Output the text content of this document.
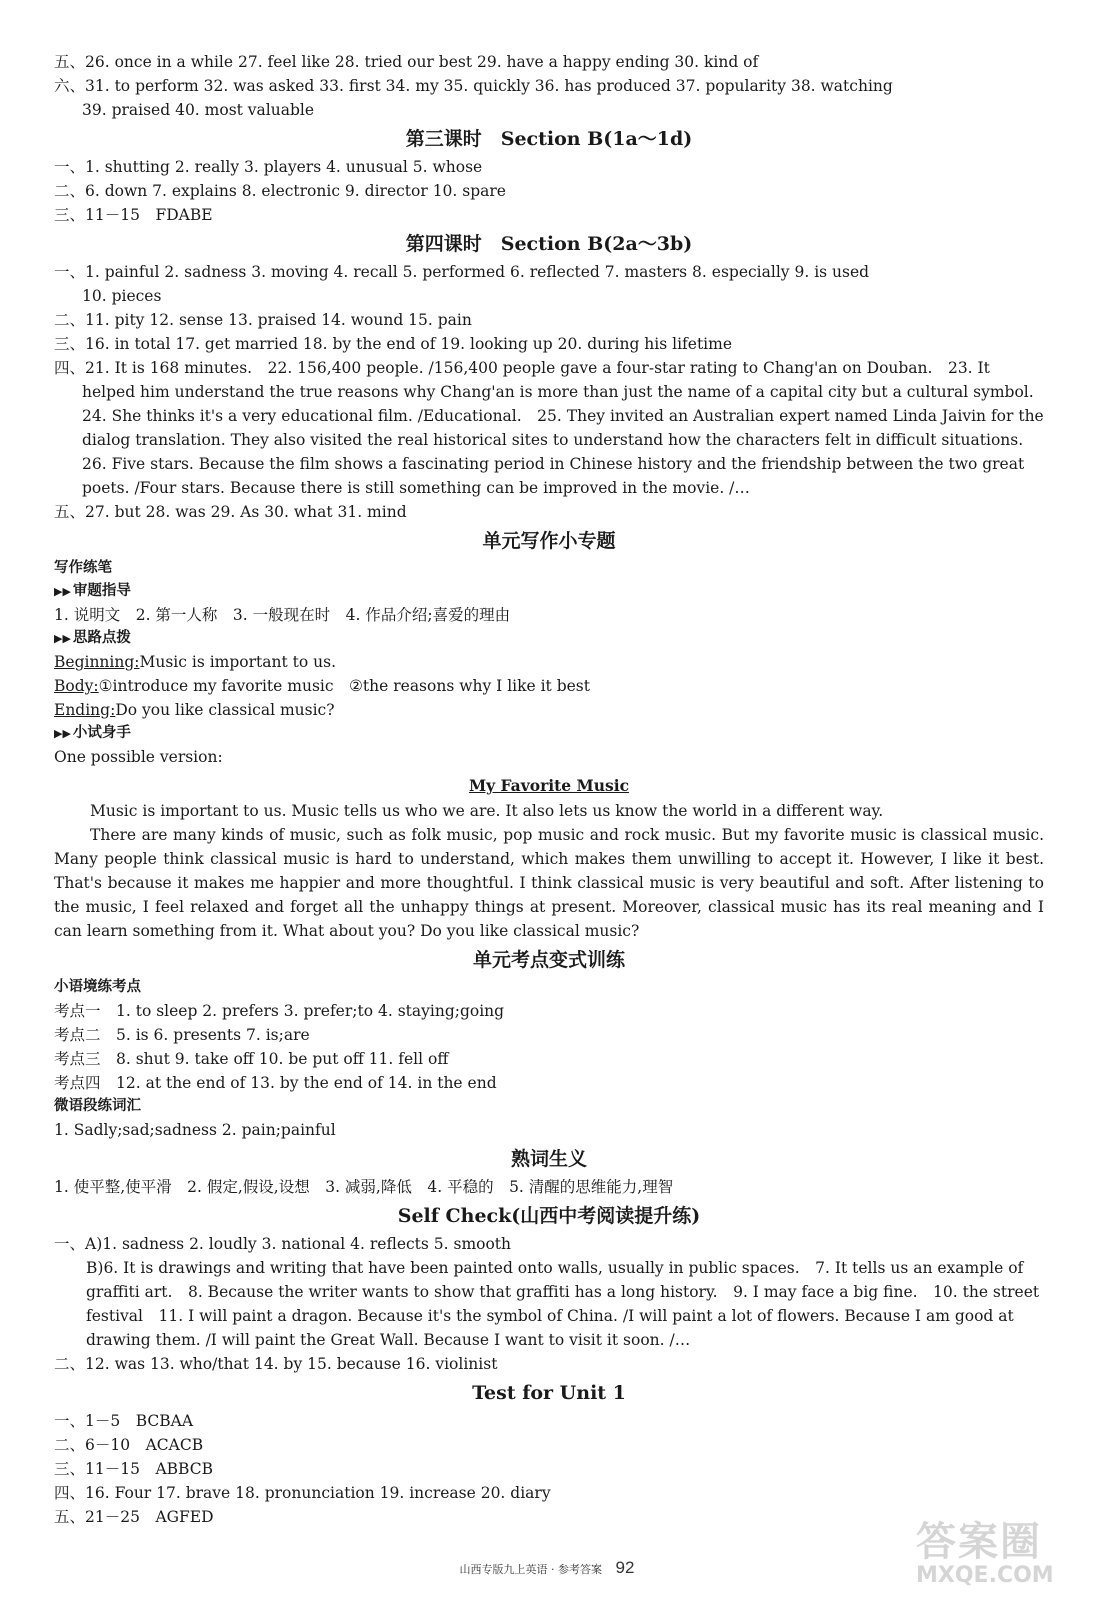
五、26. once in a while 27. feel like 28. tried our best 29. have a happy ending 30. kind of
六、31. to perform 32. was asked 33. first 34. my 35. quickly 36. has produced 37. popularity 38. watching
39. praised 40. most valuable
第三课时　Section B(1a～1d)
一、1. shutting 2. really 3. players 4. unusual 5. whose
二、6. down 7. explains 8. electronic 9. director 10. spare
三、11－15　FDABE
第四课时　Section B(2a～3b)
一、1. painful 2. sadness 3. moving 4. recall 5. performed 6. reflected 7. masters 8. especially 9. is used
10. pieces
二、11. pity 12. sense 13. praised 14. wound 15. pain
三、16. in total 17. get married 18. by the end of 19. looking up 20. during his lifetime
四、21. It is 168 minutes.　22. 156,400 people. /156,400 people gave a four-star rating to Chang'an on Douban.　23. It helped him understand the true reasons why Chang'an is more than just the name of a capital city but a cultural symbol.　24. She thinks it's a very educational film. /Educational.　25. They invited an Australian expert named Linda Jaivin for the dialog translation. They also visited the real historical sites to understand how the characters felt in difficult situations.　26. Five stars. Because the film shows a fascinating period in Chinese history and the friendship between the two great poets. /Four stars. Because there is still something can be improved in the movie. /…
五、27. but 28. was 29. As 30. what 31. mind
单元写作小专题
写作练笔
▶▶ 审题指导
1. 说明文　2. 第一人称　3. 一般现在时　4. 作品介绍;喜爱的理由
▶▶ 思路点拨
Beginning:Music is important to us.
Body:①introduce my favorite music　②the reasons why I like it best
Ending:Do you like classical music?
▶▶ 小试身手
One possible version:
My Favorite Music
Music is important to us. Music tells us who we are. It also lets us know the world in a different way.
There are many kinds of music, such as folk music, pop music and rock music. But my favorite music is classical music. Many people think classical music is hard to understand, which makes them unwilling to accept it. However, I like it best. That's because it makes me happier and more thoughtful. I think classical music is very beautiful and soft. After listening to the music, I feel relaxed and forget all the unhappy things at present. Moreover, classical music has its real meaning and I can learn something from it. What about you? Do you like classical music?
单元考点变式训练
小语境练考点
考点一　1. to sleep 2. prefers 3. prefer;to 4. staying;going
考点二　5. is 6. presents 7. is;are
考点三　8. shut 9. take off 10. be put off 11. fell off
考点四　12. at the end of 13. by the end of 14. in the end
微语段练词汇
1. Sadly;sad;sadness 2. pain;painful
熟词生义
1. 使平整,使平滑　2. 假定,假设,设想　3. 减弱,降低　4. 平稳的　5. 清醒的思维能力,理智
Self Check(山西中考阅读提升练)
一、A)1. sadness 2. loudly 3. national 4. reflects 5. smooth
B)6. It is drawings and writing that have been painted onto walls, usually in public spaces.　7. It tells us an example of graffiti art.　8. Because the writer wants to show that graffiti has a long history.　9. I may face a big fine.　10. the street festival　11. I will paint a dragon. Because it's the symbol of China. /I will paint a lot of flowers. Because I am good at drawing them. /I will paint the Great Wall. Because I want to visit it soon. /…
二、12. was 13. who/that 14. by 15. because 16. violinist
Test for Unit 1
一、1－5　BCBAA
二、6－10　ACACB
三、11－15　ABBCB
四、16. Four 17. brave 18. pronunciation 19. increase 20. diary
五、21－25　AGFED
山西专版九上英语 · 参考答案 92
答案圈
MXQE.COM
